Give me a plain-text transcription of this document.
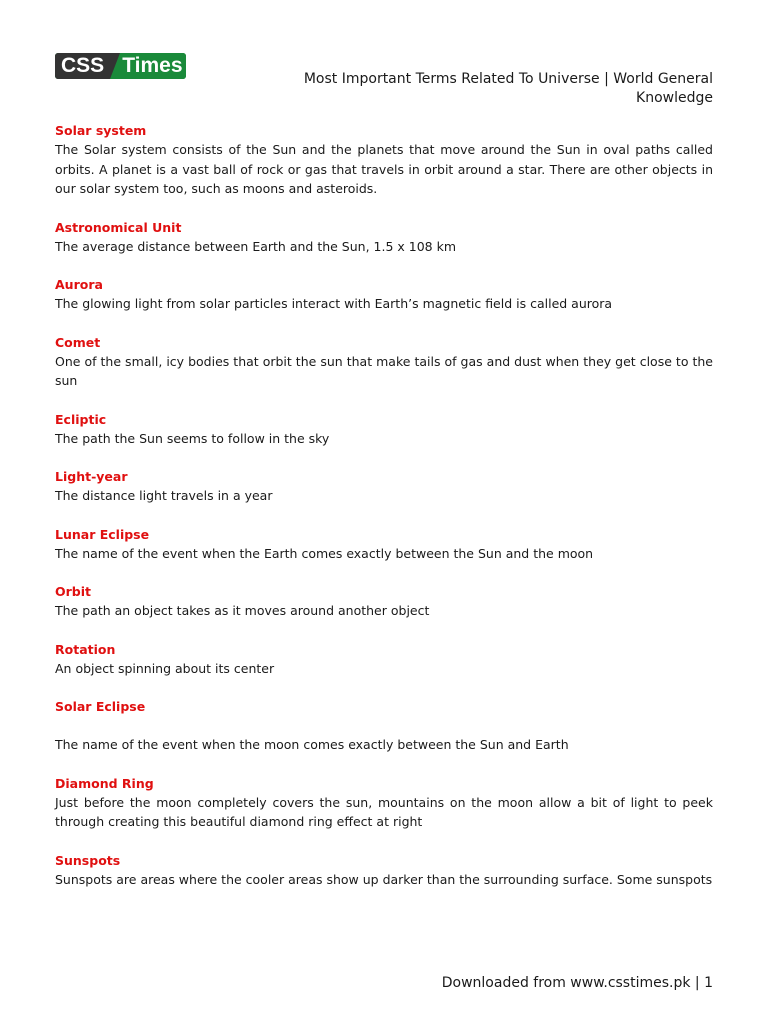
CSS Times
Most Important Terms Related To Universe | World General Knowledge
Solar system
The Solar system consists of the Sun and the planets that move around the Sun in oval paths called orbits. A planet is a vast ball of rock or gas that travels in orbit around a star. There are other objects in our solar system too, such as moons and asteroids.
Astronomical Unit
The average distance between Earth and the Sun, 1.5 x 108 km
Aurora
The glowing light from solar particles interact with Earth’s magnetic field is called aurora
Comet
One of the small, icy bodies that orbit the sun that make tails of gas and dust when they get close to the sun
Ecliptic
The path the Sun seems to follow in the sky
Light-year
The distance light travels in a year
Lunar Eclipse
The name of the event when the Earth comes exactly between the Sun and the moon
Orbit
The path an object takes as it moves around another object
Rotation
An object spinning about its center
Solar Eclipse
The name of the event when the moon comes exactly between the Sun and Earth
Diamond Ring
Just before the moon completely covers the sun, mountains on the moon allow a bit of light to peek through creating this beautiful diamond ring effect at right
Sunspots
Sunspots are areas where the cooler areas show up darker than the surrounding surface. Some sunspots
Downloaded from www.csstimes.pk | 1
